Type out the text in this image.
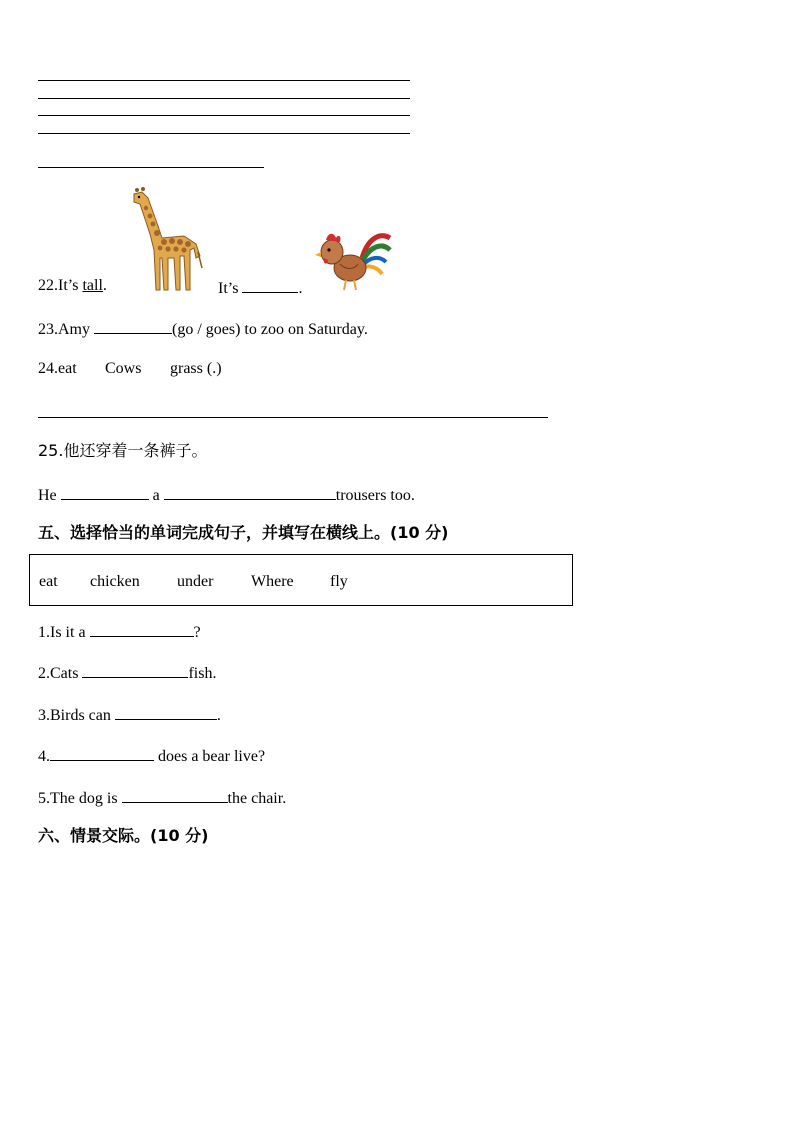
22.It’s tall.	It’s	.
23.Amy	(go / goes) to zoo on Saturday.
24.eat Cows grass (.)
25.他还穿着一条裤子。
He	a	trousers too.
五、选择恰当的单词完成句子，并填写在横线上。(10 分)
eat chicken under Where fly
1.Is it a	?
2.Cats	fish.
3.Birds can	.
4.	does a bear live?
5.The dog is	the chair.
六、情景交际。(10 分)
